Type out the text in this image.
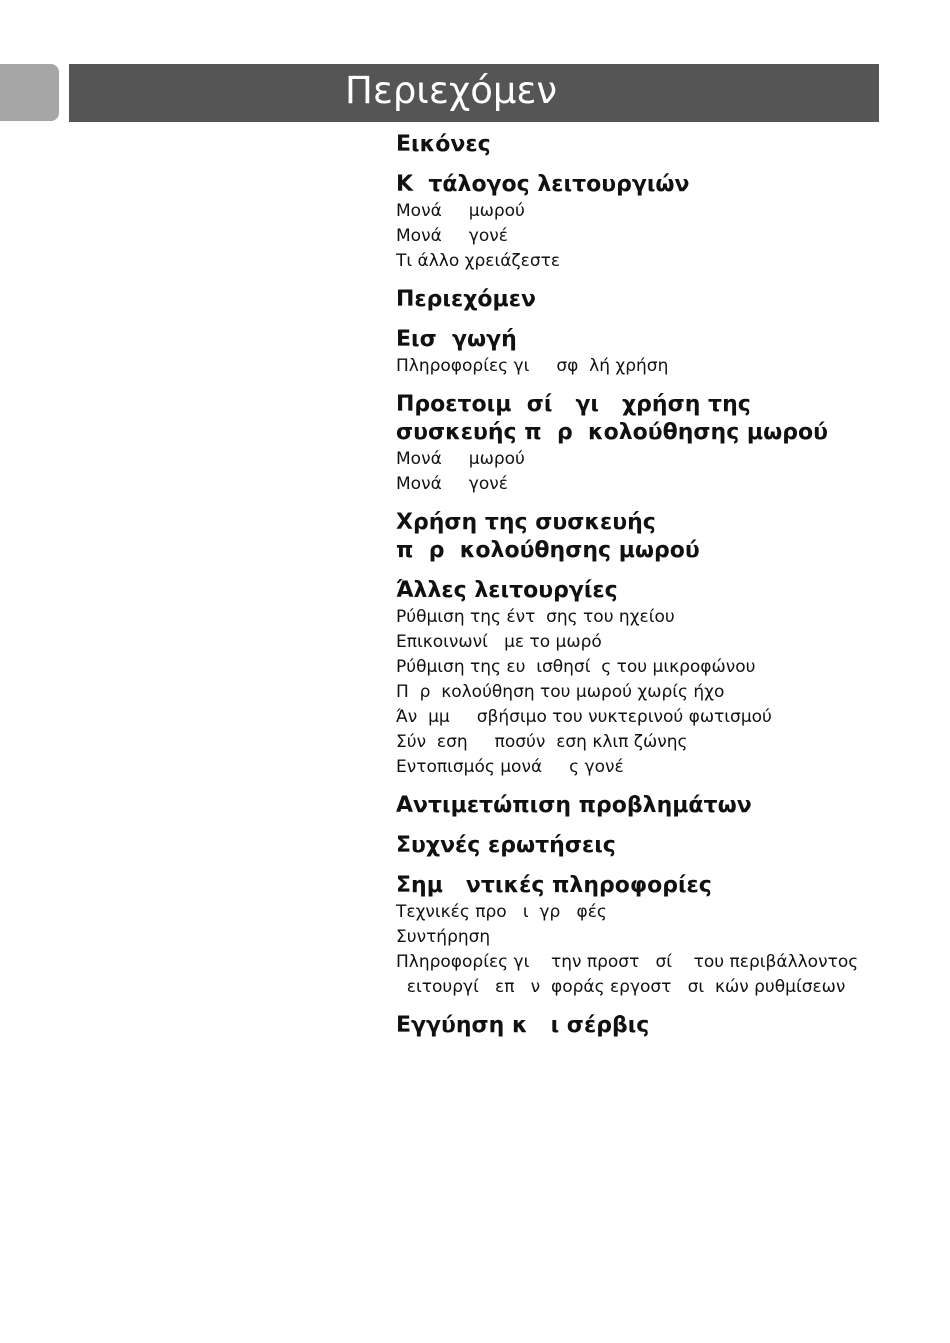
Περιεχόμεν
Εικόνες
Κ  τάλογος λειτουργιών
Μονά     μωρού
Μονά     γονέ
Τι άλλο χρειάζεστε
Περιεχόμεν
Εισ  γωγή
Πληροφορίες γι     σφ  λή χρήση
Προετοιμ  σί   γι   χρήση της
συσκευής π  ρ  κολούθησης μωρού
Μονά     μωρού
Μονά     γονέ
Χρήση της συσκευής
π  ρ  κολούθησης μωρού
Άλλες λειτουργίες
Ρύθμιση της έντ  σης του ηχείου
Επικοινωνί   με το μωρό
Ρύθμιση της ευ  ισθησί  ς του μικροφώνου
Π  ρ  κολούθηση του μωρού χωρίς ήχο
Άν  μμ     σβήσιμο του νυκτερινού φωτισμού
Σύν  εση     ποσύν  εση κλιπ ζώνης
Εντοπισμός μονά     ς γονέ
Αντιμετώπιση προβλημάτων
Συχνές ερωτήσεις
Σημ   ντικές πληροφορίες
Τεχνικές προ   ι  γρ   φές
Συντήρηση
Πληροφορίες γι    την προστ   σί    του περιβάλλοντος
ειτουργί   επ   ν  φοράς εργοστ   σι  κών ρυθμίσεων
Εγγύηση κ   ι σέρβις
